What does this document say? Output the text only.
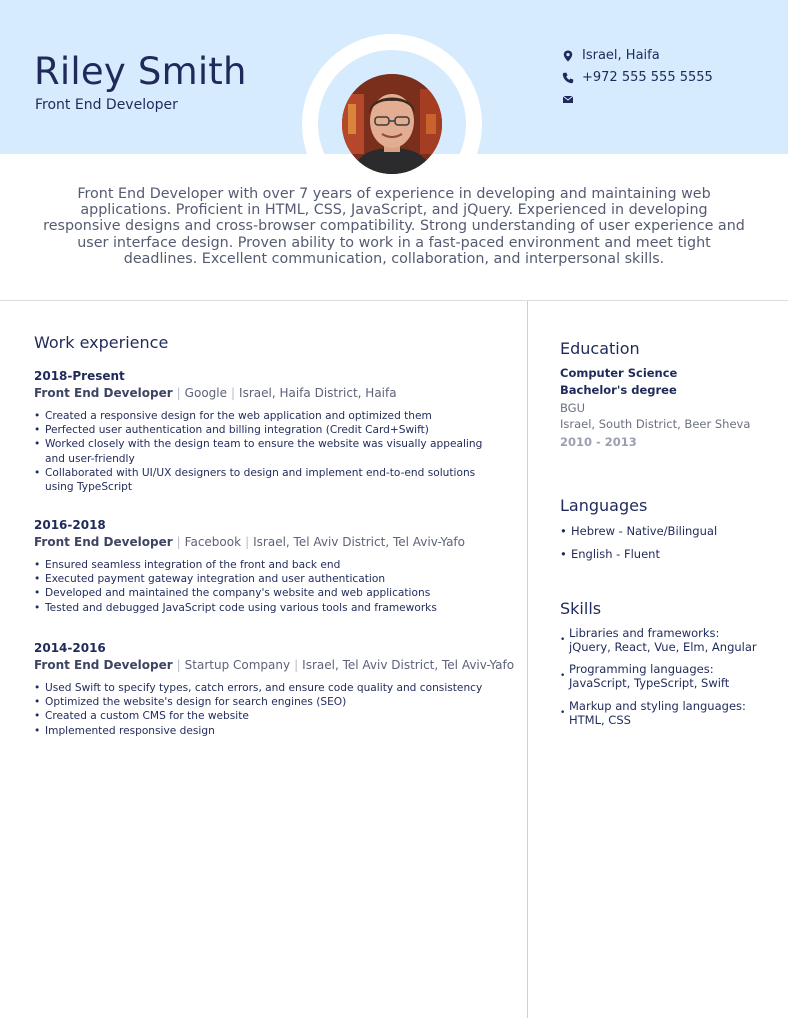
Riley Smith
Front End Developer
Israel, Haifa
+972 555 555 5555
Front End Developer with over 7 years of experience in developing and maintaining web applications. Proficient in HTML, CSS, JavaScript, and jQuery. Experienced in developing responsive designs and cross-browser compatibility. Strong understanding of user experience and user interface design. Proven ability to work in a fast-paced environment and meet tight deadlines. Excellent communication, collaboration, and interpersonal skills.
Work experience
2018-Present
Front End Developer | Google | Israel, Haifa District, Haifa
• Created a responsive design for the web application and optimized them
• Perfected user authentication and billing integration (Credit Card+Swift)
• Worked closely with the design team to ensure the website was visually appealing and user-friendly
• Collaborated with UI/UX designers to design and implement end-to-end solutions using TypeScript
2016-2018
Front End Developer | Facebook | Israel, Tel Aviv District, Tel Aviv-Yafo
• Ensured seamless integration of the front and back end
• Executed payment gateway integration and user authentication
• Developed and maintained the company's website and web applications
• Tested and debugged JavaScript code using various tools and frameworks
2014-2016
Front End Developer | Startup Company | Israel, Tel Aviv District, Tel Aviv-Yafo
• Used Swift to specify types, catch errors, and ensure code quality and consistency
• Optimized the website's design for search engines (SEO)
• Created a custom CMS for the website
• Implemented responsive design
Education
Computer Science
Bachelor's degree
BGU
Israel, South District, Beer Sheva
2010 - 2013
Languages
• Hebrew - Native/Bilingual
• English - Fluent
Skills
• Libraries and frameworks:
jQuery, React, Vue, Elm, Angular
• Programming languages:
JavaScript, TypeScript, Swift
• Markup and styling languages:
HTML, CSS
